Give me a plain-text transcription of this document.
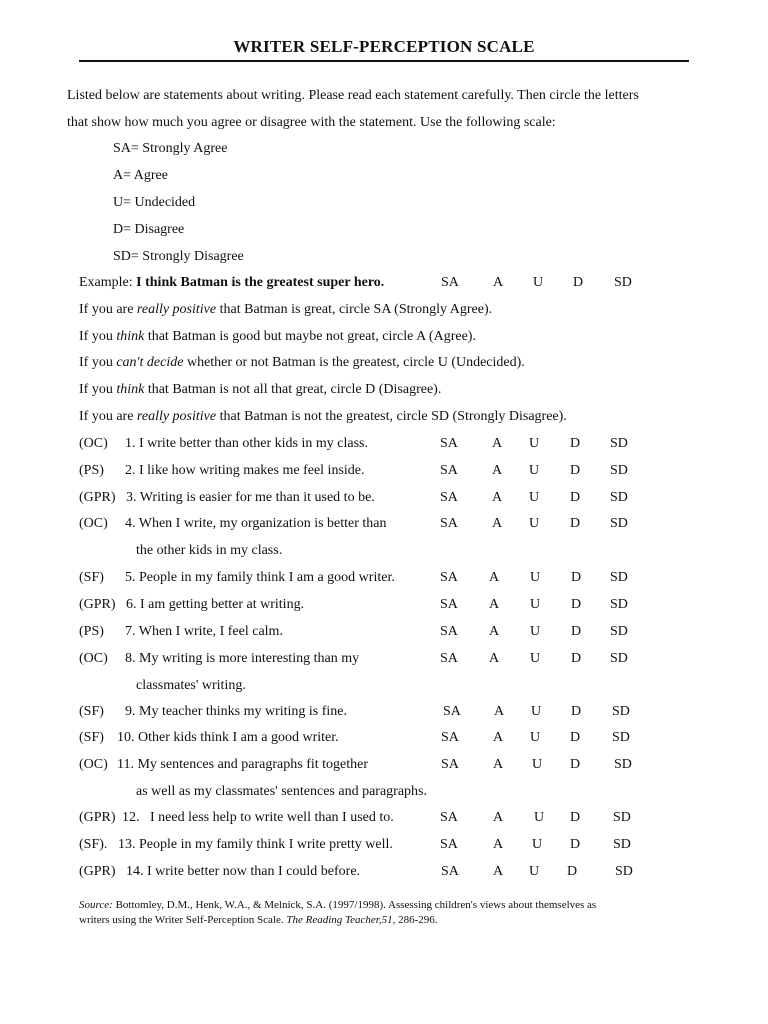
WRITER SELF-PERCEPTION SCALE
Listed below are statements about writing. Please read each statement carefully. Then circle the letters
that show how much you agree or disagree with the statement. Use the following scale:
SA= Strongly Agree
A= Agree
U= Undecided
D= Disagree
SD= Strongly Disagree
Example: I think Batman is the greatest super hero.	SA A U D SD
If you are really positive that Batman is great, circle SA (Strongly Agree).
If you think that Batman is good but maybe not great, circle A (Agree).
If you can't decide whether or not Batman is the greatest, circle U (Undecided).
If you think that Batman is not all that great, circle D (Disagree).
If you are really positive that Batman is not the greatest, circle SD (Strongly Disagree).
(OC) 1. I write better than other kids in my class.	SA A U D SD
(PS) 2. I like how writing makes me feel inside.	SA A U D SD
(GPR) 3. Writing is easier for me than it used to be.	SA A U D SD
(OC) 4. When I write, my organization is better than
the other kids in my class.
SA A U D SD
(SF) 5. People in my family think I am a good writer.	SA A U D SD
(GPR) 6. I am getting better at writing.	SA A U D SD
(PS) 7. When I write, I feel calm.	SA A U D SD
(OC) 8. My writing is more interesting than my
classmates' writing.
SA A U D SD
(SF) 9. My teacher thinks my writing is fine.	SA A U D SD
(SF) 10. Other kids think I am a good writer.	SA A U D SD
(OC) 11. My sentences and paragraphs fit together
as well as my classmates' sentences and paragraphs.
SA A U D SD
(GPR) 12.   I need less help to write well than I used to.	SA	A U D SD
(SF). 13. People in my family think I write pretty well.	SA	A U D SD
(GPR) 14. I write better now than I could before.	SA A U D	SD
Source: Bottomley, D.M., Henk, W.A., & Melnick, S.A. (1997/1998). Assessing children's views about themselves as
writers using the Writer Self-Perception Scale. The Reading Teacher,51, 286-296.
